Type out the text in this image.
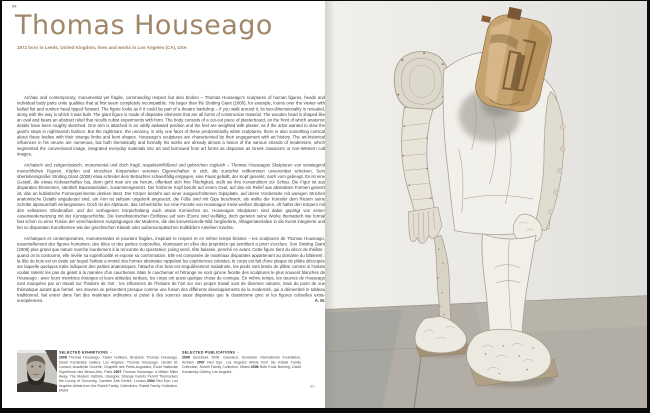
94
Thomas Houseago
1972 born in Leeds, United Kingdom, lives and works in Los Angeles (CA), USA

Archaic and contemporary, monumental yet fragile, commanding respect but also broken – Thomas Houseago's sculptures of human figures, heads and individual body parts unite qualities that at first seem completely incompatible. His larger than life Striding Giant (2008), for example, looms over the viewer with balled fist and sunken head tipped forward. The figure looks as if it could be part of a theatre backdrop – if you walk around it, its two-dimensionality is revealed, along with the way in which it was built. The giant figure is made of disparate elements that are all forms of construction material. The wooden head is shaped like an oval and bears an abstract relief that recalls cubist experiments with form. The body consists of a cut-out piece of plasterboard, on the front of which anatomic details have been roughly sketched. One arm is attached in an oddly awkward position and the feet are weighted with plaster, as if the artist wanted to slow the giant's steps in nightmarish fashion. But the nightmare, the uncanny, is only one facet of these predominantly white sculptures, there is also something comical about these bodies with their strange limbs and bent shapes. Houseago's sculptures are characterised by their engagement with art history. The art-historical influences in his oeuvre are numerous, but both thematically and formally his works are already almost a fusion of the various strands of modernism, which segmented the conventional image, integrated everyday materials into art and borrowed from art forms as disparate as Greek classicism or non-Western cult images.

Archaisch und zeitgenössisch, monumental und doch fragil, respekteinflößend und gebrochen zugleich – Thomas Houseagos Skulpturen von vorwiegend menschlichen Figuren, Köpfen und einzelnen Körperteilen vereinen Eigenschaften in sich, die zunächst vollkommen unvereinbar scheinen. Sein überlebensgroßer Striding Giant (2008) etwa schreitet dem Betrachter schwerfällig entgegen, eine Faust geballt, der Kopf gesenkt, nach vorn gebeugt. Es ist eine Gestalt, die etwas Kulissenhaftes hat, denn geht man um sie herum, offenbart sich ihre Flächigkeit, stellt sie ihre Konstruktion zur Schau. Die Figur ist aus disparaten Elementen, sämtlich Baumaterialien, zusammengesetzt. Der hölzerne Kopf beruht auf einem Oval, auf das ein Relief aus abstrakten Formen gesetzt ist, das an kubistische Formexperimente denken lässt. Der Körper besteht aus einer ausgeschnittenen Gipsplatte, auf deren Vorderseite mit wenigen Strichen anatomische Details angedeutet sind, ein Arm ist seltsam ungelenk angesetzt, die Füße sind mit Gips beschwert, als wollte der Künstler dem Riesen seine Schritte alptraumhaft verlangsamen. Doch ist der Alptraum, das Unheimliche nur eine Facette von Houseagos meist weißen Skulpturen, oft haftet den Körpern mit den seltsamen Gliedmaßen und der verbogenen Körperhaltung auch etwas Komisches an. Houseagos Skulpturen sind dabei geprägt von seiner Auseinandersetzung mit der Kunstgeschichte. Die kunsthistorischen Einflüsse auf sein Œuvre sind vielfältig, doch gerieten seine Werke thematisch wie formal fast schon zu einer Fusion der verschiedenen Ausprägungen der Moderne, die das konventionelle Bild zergliederte, Alltagsmaterialien in die Kunst integrierte und bei so disparaten Kunstformen wie der griechischen Klassik oder außereuropäischen Kultbildern Anleihen machte.

Archaïques et contemporaines, monumentales et pourtant fragiles, inspirant le respect et en même temps brisées – les sculptures de Thomas Houseago, essentiellement des figures humaines, des têtes et des parties corporelles, réunissant en elles des propriétés qui semblent a priori s'exclure. Son Striding Giant (2008) plus grand que nature marche lourdement à la rencontre du spectateur, poing serré, tête baissée, penché en avant. Cette figure tient du décor de théâtre : quand on la contourne, elle révèle sa superficialité et expose sa conformation. Elle est composée de matériaux disparates appartenant au domaine du bâtiment : la tête de bois est un ovale sur lequel l'artiste a monté des formes abstraites rappelant les expériences cubistes, le corps est fait d'une plaque de plâtre découpée sur laquelle quelques traits indiquent des parties anatomiques, l'attache d'un bras est singulièrement maladroite, les pieds sont lestés de plâtre comme si l'artiste voulait ralentir les pas du géant à la manière d'un cauchemar. Mais le cauchemar et l'étrange ne sont qu'une facette des sculptures le plus souvent blanches de Houseago : avec leurs membres étranges et leurs attitudes tordues, les corps ont aussi quelque chose de comique. En même temps, les œuvres de Houseago sont marquées par un travail sur l'histoire de l'art : les influences de l'histoire de l'art sur son propre travail sont de diverses natures, mais du point de vue thématique autant que formel, ses œuvres se présentent presque comme une fusion des différents développements de la modernité, qui a démembré le tableau traditionnel, fait entrer dans l'art des matériaux ordinaires et puisé à des sources aussi disparates que le classicisme grec et les figures cultuelles extra-européennes.	A. M.

SELECTED EXHIBITIONS →

2008 Thomas Houseago, Xavier Hufkens, Brussels; Thomas Houseago, David Kordansky Gallery, Los Angeles; Thomas Houseago, Herald St, London; Académie Ouverte, Chapelle des Petits-Augustins, École Nationale Supérieure des Beaux-Arts, Paris 2007 Thomas Houseago: A Million Miles Away, The Modern Institute, Glasgow; Strange Events Permit Themselves the Luxury of Occurring, Camden Arts Centre, London 2004 Red Eye: Los Angeles Artists from the Rubell Family Collections, Rubell Family Collection, Miami

SELECTED PUBLICATIONS →

2008 Sonsbeek 2008: Grandeur, Sonsbeek International Foundation, Arnhem 2007 Red Eye: Los Angeles Artists from the Rubell Family Collection, Rubell Family Collection, Miami 2006 Both Ends Burning, David Kordansky Gallery, Los Angeles

95
